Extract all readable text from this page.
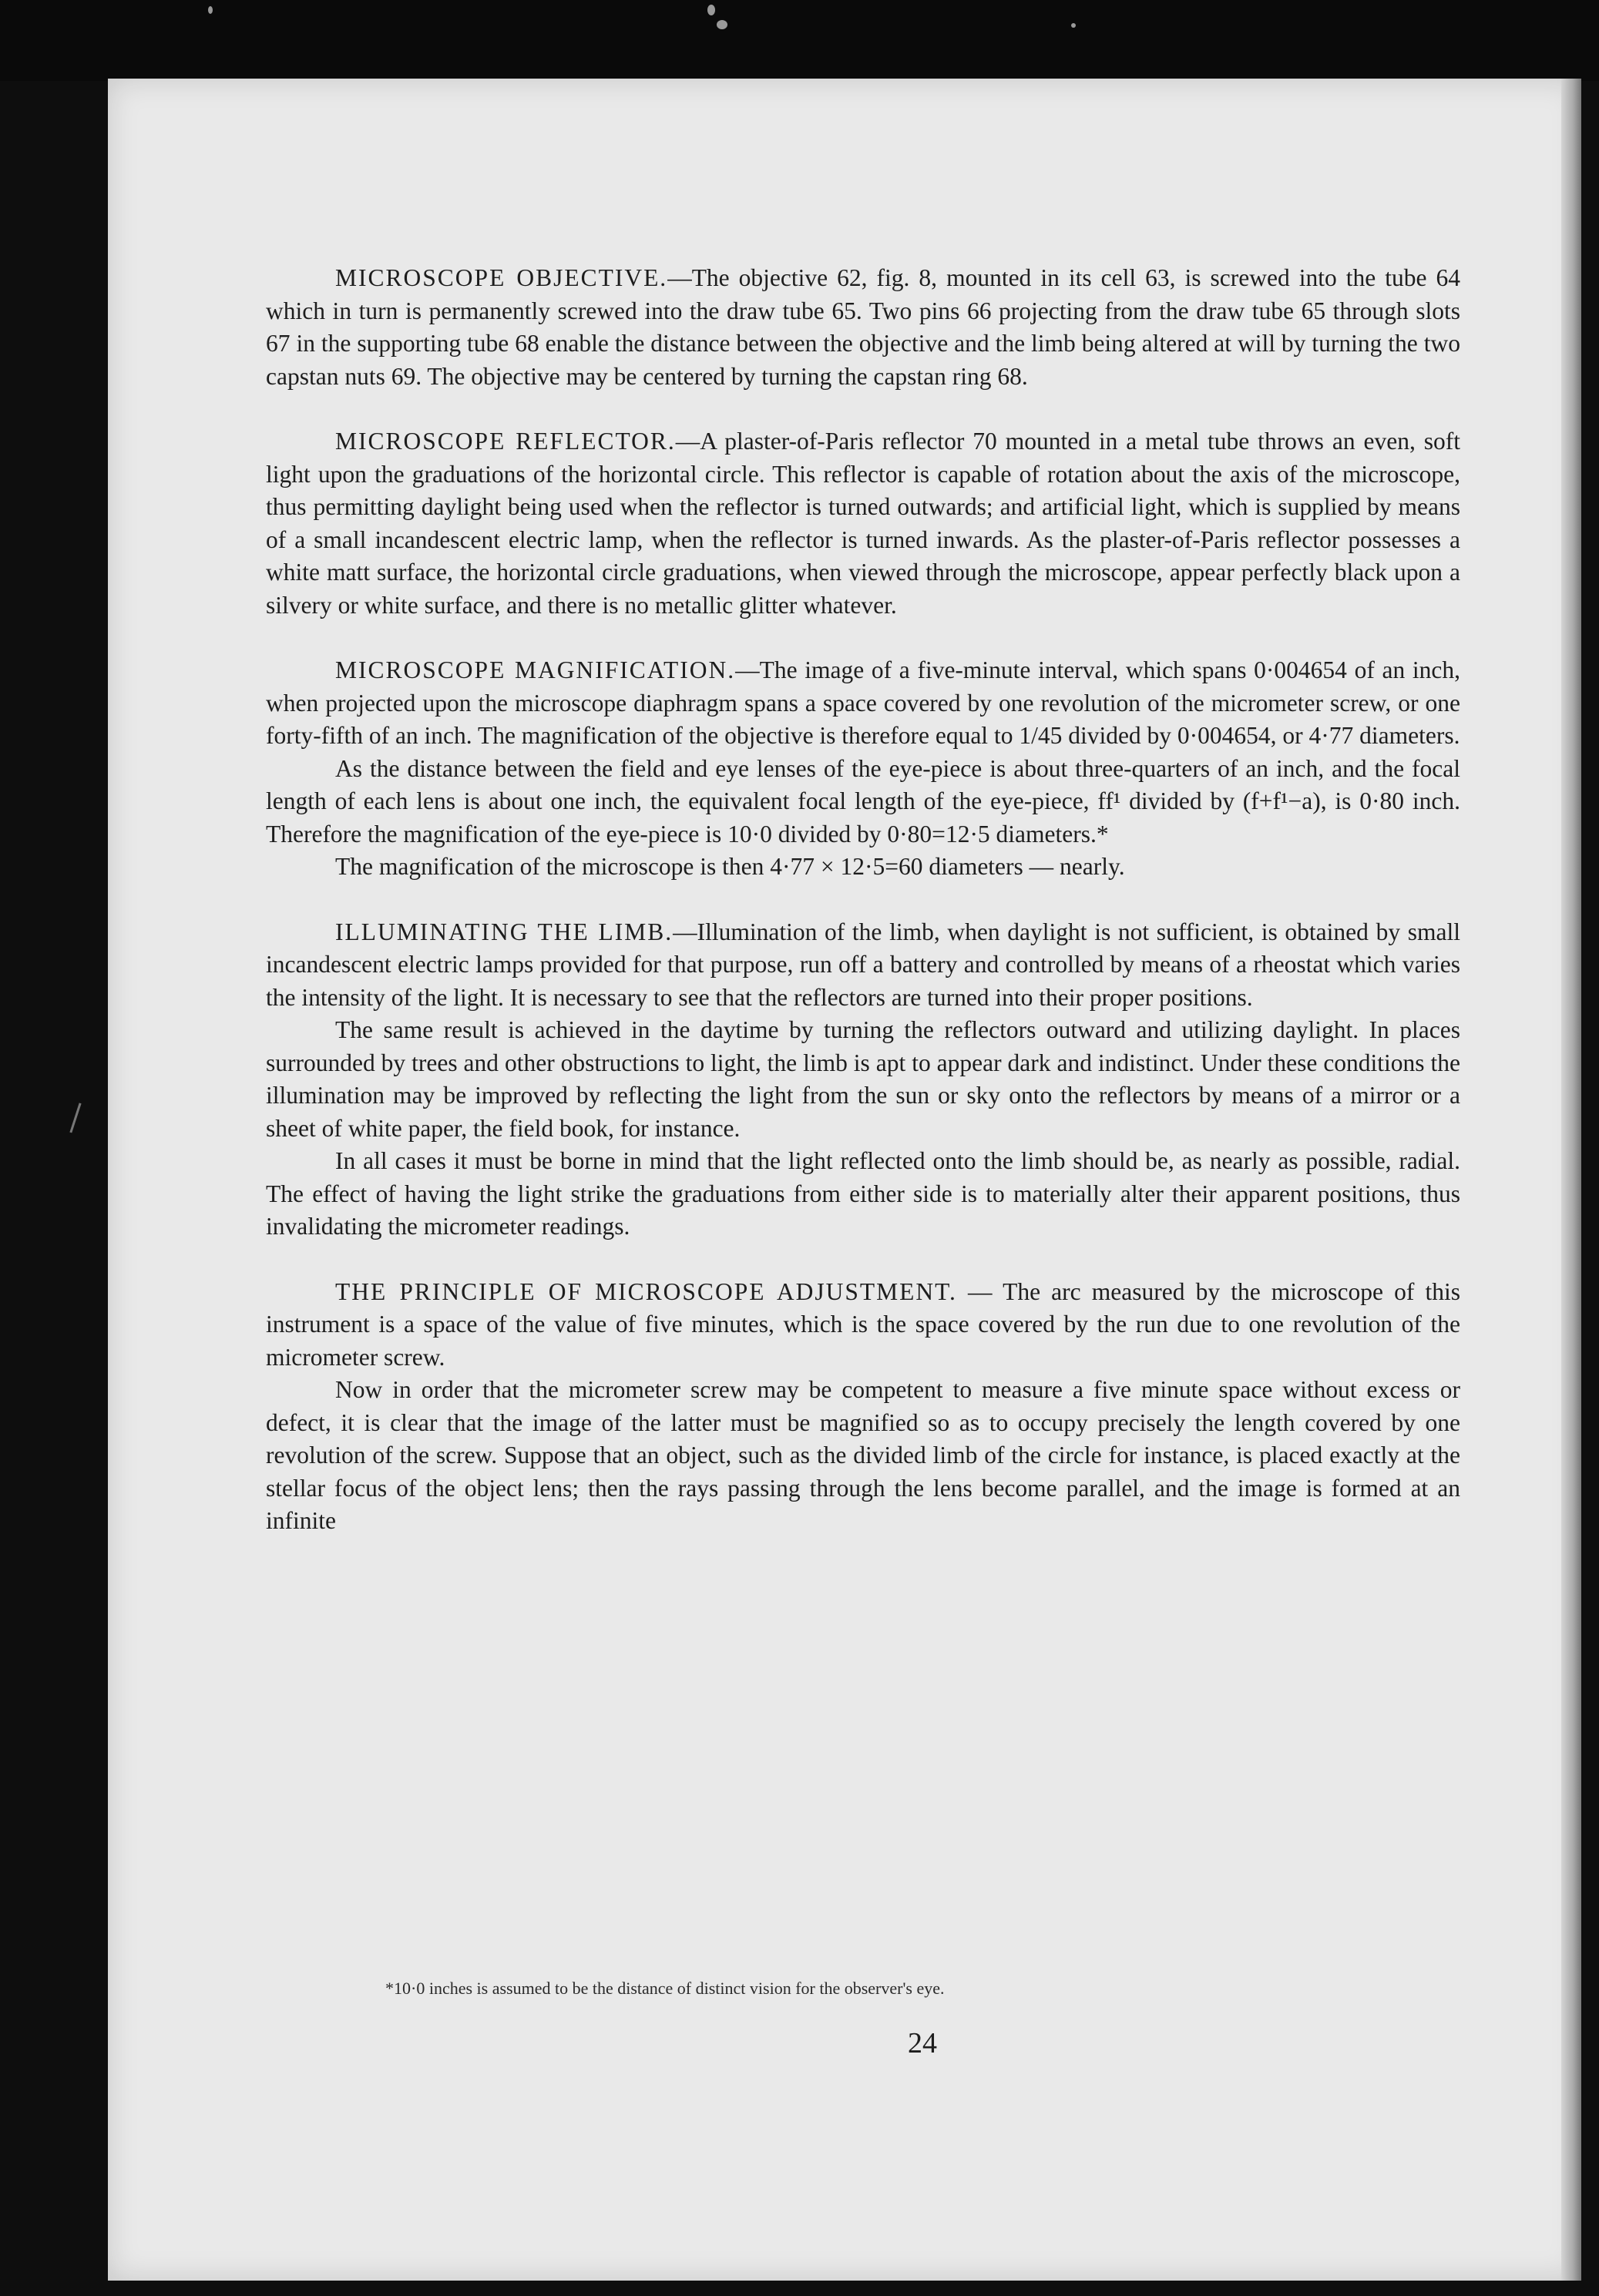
MICROSCOPE OBJECTIVE.—The objective 62, fig. 8, mounted in its cell 63, is screwed into the tube 64 which in turn is permanently screwed into the draw tube 65. Two pins 66 projecting from the draw tube 65 through slots 67 in the supporting tube 68 enable the distance between the objective and the limb being altered at will by turning the two capstan nuts 69. The objective may be centered by turning the capstan ring 68.

MICROSCOPE REFLECTOR.—A plaster-of-Paris reflector 70 mounted in a metal tube throws an even, soft light upon the graduations of the horizontal circle. This reflector is capable of rotation about the axis of the microscope, thus permitting daylight being used when the reflector is turned outwards; and artificial light, which is supplied by means of a small incandescent electric lamp, when the reflector is turned inwards. As the plaster-of-Paris reflector possesses a white matt surface, the horizontal circle graduations, when viewed through the microscope, appear perfectly black upon a silvery or white surface, and there is no metallic glitter whatever.

MICROSCOPE MAGNIFICATION.—The image of a five-minute interval, which spans 0·004654 of an inch, when projected upon the microscope diaphragm spans a space covered by one revolution of the micrometer screw, or one forty-fifth of an inch. The magnification of the objective is therefore equal to 1/45 divided by 0·004654, or 4·77 diameters.

As the distance between the field and eye lenses of the eye-piece is about three-quarters of an inch, and the focal length of each lens is about one inch, the equivalent focal length of the eye-piece, ff¹ divided by (f+f¹−a), is 0·80 inch. Therefore the magnification of the eye-piece is 10·0 divided by 0·80=12·5 diameters.*

The magnification of the microscope is then 4·77 × 12·5=60 diameters — nearly.

ILLUMINATING THE LIMB.—Illumination of the limb, when daylight is not sufficient, is obtained by small incandescent electric lamps provided for that purpose, run off a battery and controlled by means of a rheostat which varies the intensity of the light. It is necessary to see that the reflectors are turned into their proper positions.

The same result is achieved in the daytime by turning the reflectors outward and utilizing daylight. In places surrounded by trees and other obstructions to light, the limb is apt to appear dark and indistinct. Under these conditions the illumination may be improved by reflecting the light from the sun or sky onto the reflectors by means of a mirror or a sheet of white paper, the field book, for instance.

In all cases it must be borne in mind that the light reflected onto the limb should be, as nearly as possible, radial. The effect of having the light strike the graduations from either side is to materially alter their apparent positions, thus invalidating the micrometer readings.

THE PRINCIPLE OF MICROSCOPE ADJUSTMENT. — The arc measured by the microscope of this instrument is a space of the value of five minutes, which is the space covered by the run due to one revolution of the micrometer screw.

Now in order that the micrometer screw may be competent to measure a five minute space without excess or defect, it is clear that the image of the latter must be magnified so as to occupy precisely the length covered by one revolution of the screw. Suppose that an object, such as the divided limb of the circle for instance, is placed exactly at the stellar focus of the object lens; then the rays passing through the lens become parallel, and the image is formed at an infinite

*10·0 inches is assumed to be the distance of distinct vision for the observer's eye.
24
